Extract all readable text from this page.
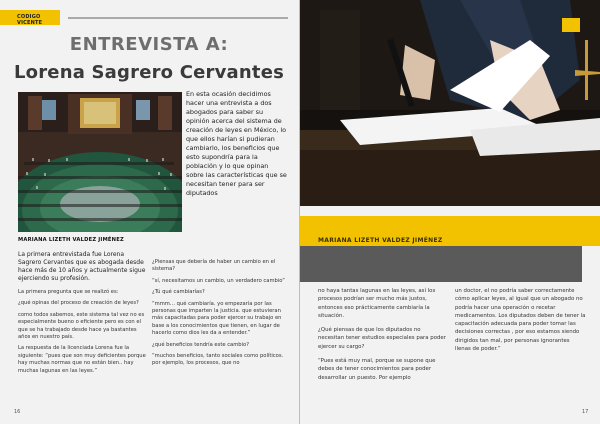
CODIGO VICENTE
ENTREVISTA A:
Lorena Sagrero Cervantes
En esta ocasión decidimos hacer una entrevista a dos abogados para saber su opinión acerca del sistema de creación de leyes en México, lo que ellos harían si pudieran cambiarlo, los beneficios que esto supondría para la población y lo que opinan sobre las características que se necesitan tener para ser diputados
MARIANA LIZETH VALDEZ JIMÉNEZ

La primera entrevistada fue Lorena Sagrero Cervantes que es abogada desde hace más de 10 años y actualmente sigue ejerciendo su profesión.

La primera pregunta que se realizó es:

¿qué opinas del proceso de creación de leyes?

como todos sabemos, este sistema tal vez no es especialmente bueno o eficiente pero es con el que se ha trabajado desde hace ya bastantes años en nuestro país.

La respuesta de la licenciada Lorena fue la siguiente: “pues que son muy deficientes porque hay muchas normas que no están bien.. hay muchas lagunas en las leyes.”

¿Piensas que debería de haber un cambio en el sistema?

“sí, necesitamos un cambio, un verdadero cambio”

¿Tú qué cambiarías?

“mmm… qué cambiaría. yo empezaría por las personas que imparten la justicia. que estuvieran más capacitadas para poder ejercer su trabajo en base a los conocimientos que tienen, en lugar de hacerlo como dios les da a entender.”

¿qué beneficios tendría este cambio?

“muchos beneficios, tanto sociales como políticos. por ejemplo, los procesos, que no

16
MARIANA LIZETH VALDEZ JIMÉNEZ

no haya tantas lagunas en las leyes, así los procesos podrían ser mucho más justos, entonces eso prácticamente cambiaría la situación.

¿Qué piensas de que los diputados no necesitan tener estudios especiales para poder ejercer su cargo?

“Pues está muy mal, porque se supone que debes de tener conocimientos para poder desarrollar un puesto. Por ejemplo

un doctor, el no podría saber correctamente cómo aplicar leyes, al igual que un abogado no podría hacer una operación o recetar medicamentos. Los diputados deben de tener la capacitación adecuada para poder tomar las decisiones correctas , por eso estamos siendo dirigidos tan mal, por personas ignorantes llenas de poder.”

17
